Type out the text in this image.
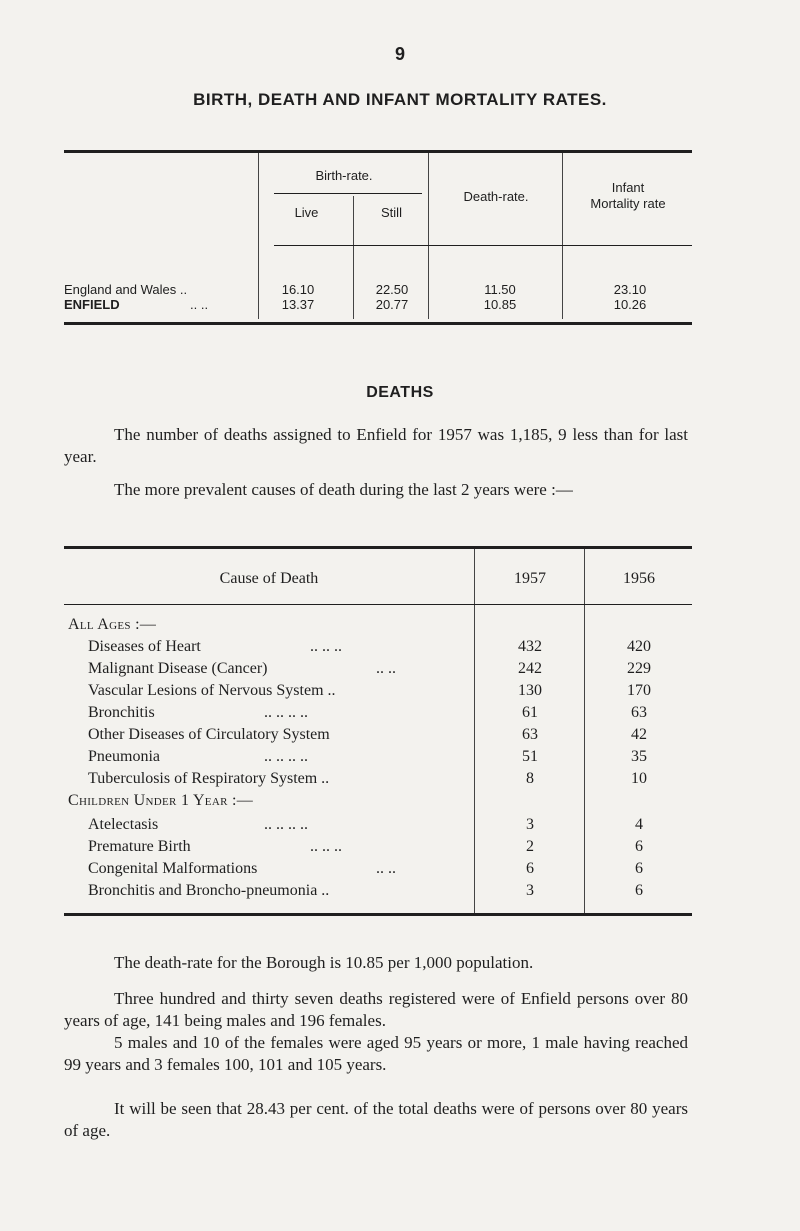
9
BIRTH, DEATH AND INFANT MORTALITY RATES.
Birth-rate.
Live	Still
Death-rate.
Infant
Mortality rate
England and Wales ..	16.10	22.50	11.50	23.10
ENFIELD	.. ..	13.37	20.77	10.85	10.26
DEATHS
The number of deaths assigned to Enfield for 1957 was 1,185, 9 less than for last year.
The more prevalent causes of death during the last 2 years were :—
Cause of Death	1957	1956
All Ages :—
Diseases of Heart	.. .. ..	432	420
Malignant Disease (Cancer)	.. ..	242	229
Vascular Lesions of Nervous System ..	130	170
Bronchitis	.. .. .. ..	61	63
Other Diseases of Circulatory System	63	42
Pneumonia	.. .. .. ..	51	35
Tuberculosis of Respiratory System ..	8	10
Children Under 1 Year :—
Atelectasis	.. .. .. ..	3	4
Premature Birth	.. .. ..	2	6
Congenital Malformations	.. ..	6	6
Bronchitis and Broncho-pneumonia ..	3	6
The death-rate for the Borough is 10.85 per 1,000 population.
Three hundred and thirty seven deaths registered were of Enfield persons over 80 years of age, 141 being males and 196 females.
5 males and 10 of the females were aged 95 years or more, 1 male having reached 99 years and 3 females 100, 101 and 105 years.
It will be seen that 28.43 per cent. of the total deaths were of persons over 80 years of age.
